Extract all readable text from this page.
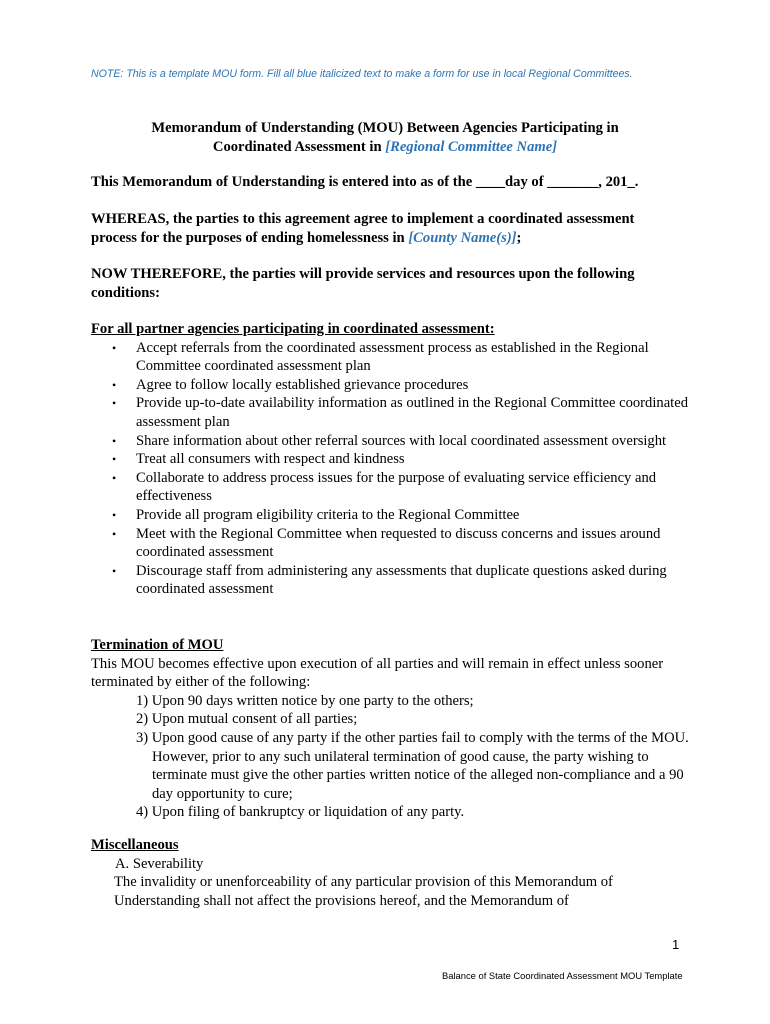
NOTE: This is a template MOU form. Fill all blue italicized text to make a form for use in local Regional Committees.
Memorandum of Understanding (MOU) Between Agencies Participating in
Coordinated Assessment in [Regional Committee Name]
This Memorandum of Understanding is entered into as of the ____day of _______, 201_.
WHEREAS, the parties to this agreement agree to implement a coordinated assessment process for the purposes of ending homelessness in [County Name(s)];
NOW THEREFORE, the parties will provide services and resources upon the following conditions:
For all partner agencies participating in coordinated assessment:
• Accept referrals from the coordinated assessment process as established in the Regional Committee coordinated assessment plan
• Agree to follow locally established grievance procedures
• Provide up-to-date availability information as outlined in the Regional Committee coordinated assessment plan
• Share information about other referral sources with local coordinated assessment oversight
• Treat all consumers with respect and kindness
• Collaborate to address process issues for the purpose of evaluating service efficiency and effectiveness
• Provide all program eligibility criteria to the Regional Committee
• Meet with the Regional Committee when requested to discuss concerns and issues around coordinated assessment
• Discourage staff from administering any assessments that duplicate questions asked during coordinated assessment
Termination of MOU
This MOU becomes effective upon execution of all parties and will remain in effect unless sooner terminated by either of the following:
1) Upon 90 days written notice by one party to the others;
2) Upon mutual consent of all parties;
3) Upon good cause of any party if the other parties fail to comply with the terms of the MOU. However, prior to any such unilateral termination of good cause, the party wishing to terminate must give the other parties written notice of the alleged non-compliance and a 90 day opportunity to cure;
4) Upon filing of bankruptcy or liquidation of any party.
Miscellaneous
A. Severability
The invalidity or unenforceability of any particular provision of this Memorandum of Understanding shall not affect the provisions hereof, and the Memorandum of
1
Balance of State Coordinated Assessment MOU Template
